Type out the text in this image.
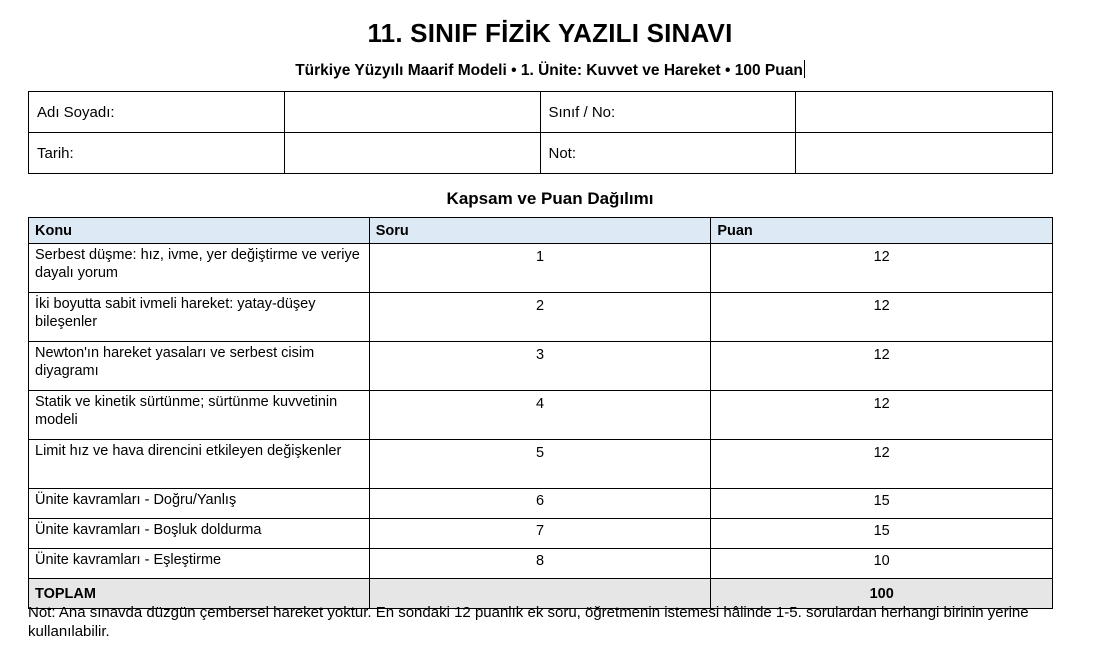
11. SINIF FİZİK YAZILI SINAVI
Türkiye Yüzyılı Maarif Modeli • 1. Ünite: Kuvvet ve Hareket • 100 Puan
Adı Soyadı:		Sınıf / No:	
Tarih:		Not:	
Kapsam ve Puan Dağılımı
Konu	Soru	Puan
Serbest düşme: hız, ivme, yer değiştirme ve veriye dayalı yorum	1	12
İki boyutta sabit ivmeli hareket: yatay-düşey bileşenler	2	12
Newton'ın hareket yasaları ve serbest cisim diyagramı	3	12
Statik ve kinetik sürtünme; sürtünme kuvvetinin modeli	4	12
Limit hız ve hava direncini etkileyen değişkenler	5	12
Ünite kavramları - Doğru/Yanlış	6	15
Ünite kavramları - Boşluk doldurma	7	15
Ünite kavramları - Eşleştirme	8	10
TOPLAM		100
Not: Ana sınavda düzgün çembersel hareket yoktur. En sondaki 12 puanlık ek soru, öğretmenin istemesi hâlinde 1-5. sorulardan herhangi birinin yerine kullanılabilir.
